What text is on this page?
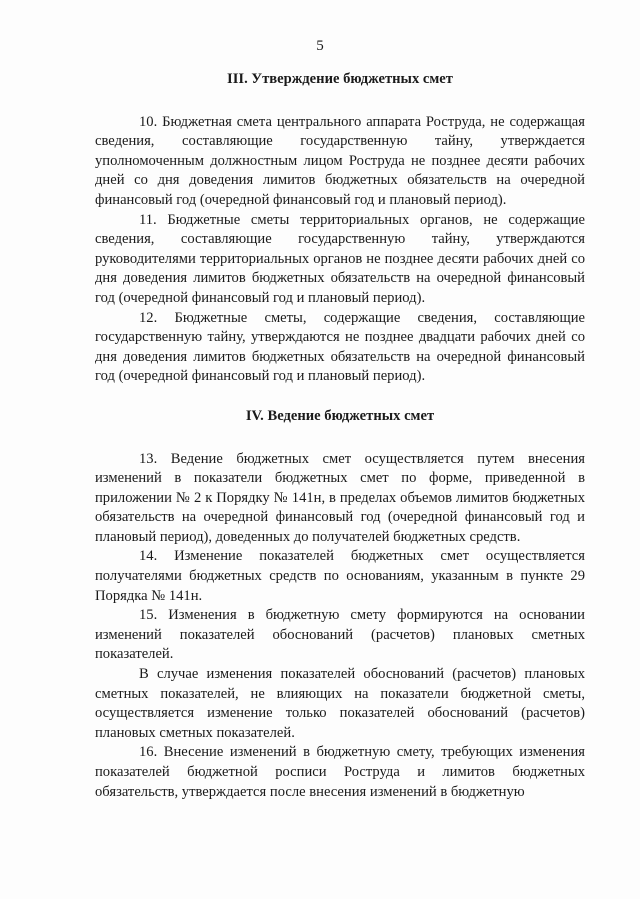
5
III. Утверждение бюджетных смет

10. Бюджетная смета центрального аппарата Роструда, не содержащая сведения, составляющие государственную тайну, утверждается уполномоченным должностным лицом Роструда не позднее десяти рабочих дней со дня доведения лимитов бюджетных обязательств на очередной финансовый год (очередной финансовый год и плановый период).

11. Бюджетные сметы территориальных органов, не содержащие сведения, составляющие государственную тайну, утверждаются руководителями территориальных органов не позднее десяти рабочих дней со дня доведения лимитов бюджетных обязательств на очередной финансовый год (очередной финансовый год и плановый период).

12. Бюджетные сметы, содержащие сведения, составляющие государственную тайну, утверждаются не позднее двадцати рабочих дней со дня доведения лимитов бюджетных обязательств на очередной финансовый год (очередной финансовый год и плановый период).

IV. Ведение бюджетных смет

13. Ведение бюджетных смет осуществляется путем внесения изменений в показатели бюджетных смет по форме, приведенной в приложении № 2 к Порядку № 141н, в пределах объемов лимитов бюджетных обязательств на очередной финансовый год (очередной финансовый год и плановый период), доведенных до получателей бюджетных средств.

14. Изменение показателей бюджетных смет осуществляется получателями бюджетных средств по основаниям, указанным в пункте 29 Порядка № 141н.

15. Изменения в бюджетную смету формируются на основании изменений показателей обоснований (расчетов) плановых сметных показателей.

В случае изменения показателей обоснований (расчетов) плановых сметных показателей, не влияющих на показатели бюджетной сметы, осуществляется изменение только показателей обоснований (расчетов) плановых сметных показателей.

16. Внесение изменений в бюджетную смету, требующих изменения показателей бюджетной росписи Роструда и лимитов бюджетных обязательств, утверждается после внесения изменений в бюджетную
